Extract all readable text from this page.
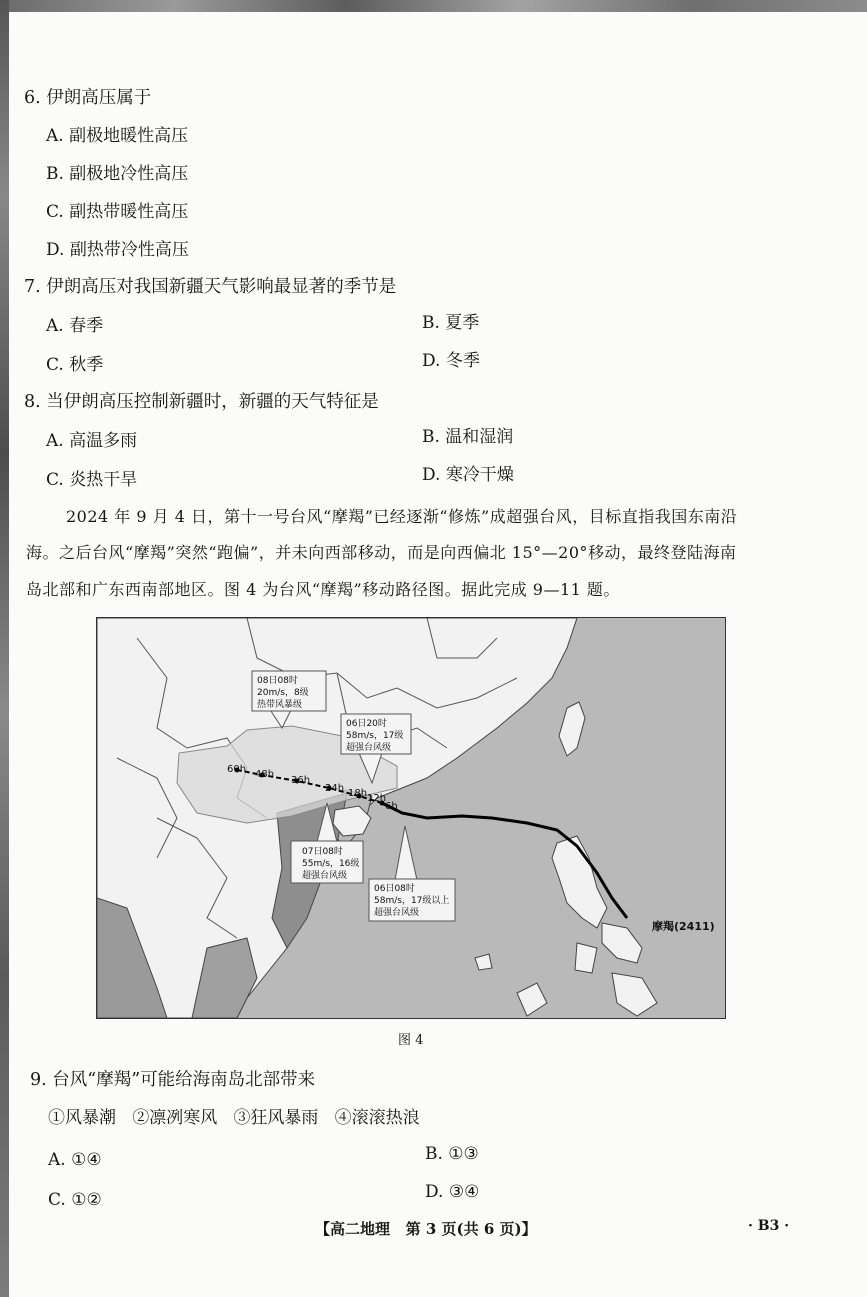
6. 伊朗高压属于
A. 副极地暖性高压
B. 副极地冷性高压
C. 副热带暖性高压
D. 副热带冷性高压
7. 伊朗高压对我国新疆天气影响最显著的季节是
A. 春季	B. 夏季
C. 秋季	D. 冬季
8. 当伊朗高压控制新疆时，新疆的天气特征是
A. 高温多雨	B. 温和湿润
C. 炎热干旱	D. 寒冷干燥
2024 年 9 月 4 日，第十一号台风“摩羯”已经逐渐“修炼”成超强台风，目标直指我国东南沿
海。之后台风“摩羯”突然“跑偏”，并未向西部移动，而是向西偏北 15°—20°移动，最终登陆海南
岛北部和广东西南部地区。图 4 为台风“摩羯”移动路径图。据此完成 9—11 题。
60h 48h
36h
24h 18h 12h
6h
08日08时
20m/s，8级
热带风暴级
06日20时
58m/s，17级
超强台风级
07日08时
55m/s，16级
超强台风级
06日08时
58m/s，17级以上
超强台风级
摩羯(2411)
图 4
9. 台风“摩羯”可能给海南岛北部带来
①风暴潮   ②凛冽寒风   ③狂风暴雨   ④滚滚热浪
A. ①④	B. ①③
C. ①②	D. ③④
【高二地理   第 3 页(共 6 页)】	· B3 ·
